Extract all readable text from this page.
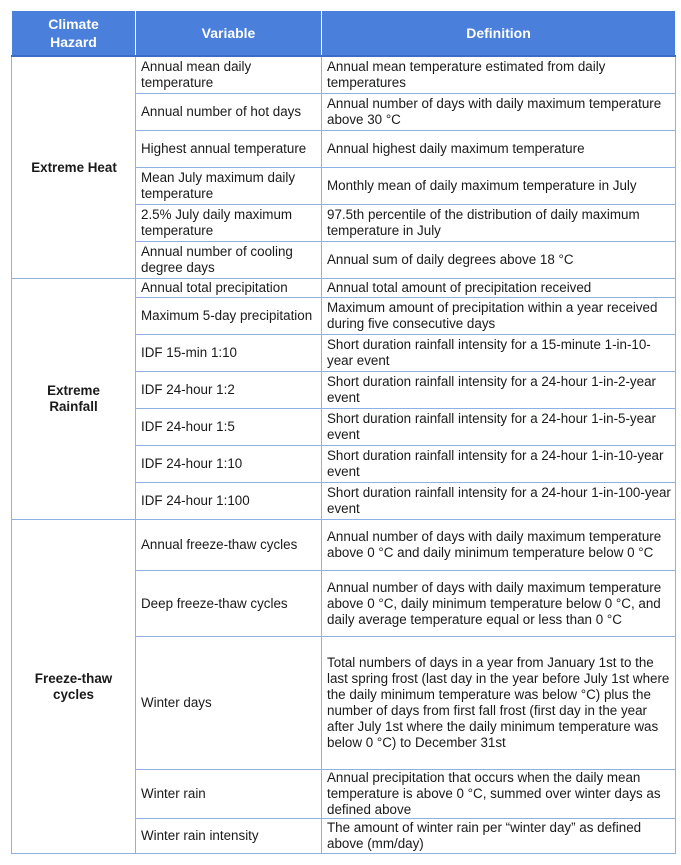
Climate Hazard	Variable	Definition
Extreme Heat	Annual mean daily temperature	Annual mean temperature estimated from daily temperatures
	Annual number of hot days	Annual number of days with daily maximum temperature above 30 °C
	Highest annual temperature	Annual highest daily maximum temperature
	Mean July maximum daily temperature	Monthly mean of daily maximum temperature in July
	2.5% July daily maximum temperature	97.5th percentile of the distribution of daily maximum temperature in July
	Annual number of cooling degree days	Annual sum of daily degrees above 18 °C
Extreme Rainfall	Annual total precipitation	Annual total amount of precipitation received
	Maximum 5-day precipitation	Maximum amount of precipitation within a year received during five consecutive days
	IDF 15-min 1:10	Short duration rainfall intensity for a 15-minute 1-in-10-year event
	IDF 24-hour 1:2	Short duration rainfall intensity for a 24-hour 1-in-2-year event
	IDF 24-hour 1:5	Short duration rainfall intensity for a 24-hour 1-in-5-year event
	IDF 24-hour 1:10	Short duration rainfall intensity for a 24-hour 1-in-10-year event
	IDF 24-hour 1:100	Short duration rainfall intensity for a 24-hour 1-in-100-year event
Freeze-thaw cycles	Annual freeze-thaw cycles	Annual number of days with daily maximum temperature above 0 °C and daily minimum temperature below 0 °C
	Deep freeze-thaw cycles	Annual number of days with daily maximum temperature above 0 °C, daily minimum temperature below 0 °C, and daily average temperature equal or less than 0 °C
	Winter days	Total numbers of days in a year from January 1st to the last spring frost (last day in the year before July 1st where the daily minimum temperature was below °C) plus the number of days from first fall frost (first day in the year after July 1st where the daily minimum temperature was below 0 °C) to December 31st
	Winter rain	Annual precipitation that occurs when the daily mean temperature is above 0 °C, summed over winter days as defined above
	Winter rain intensity	The amount of winter rain per “winter day” as defined above (mm/day)
